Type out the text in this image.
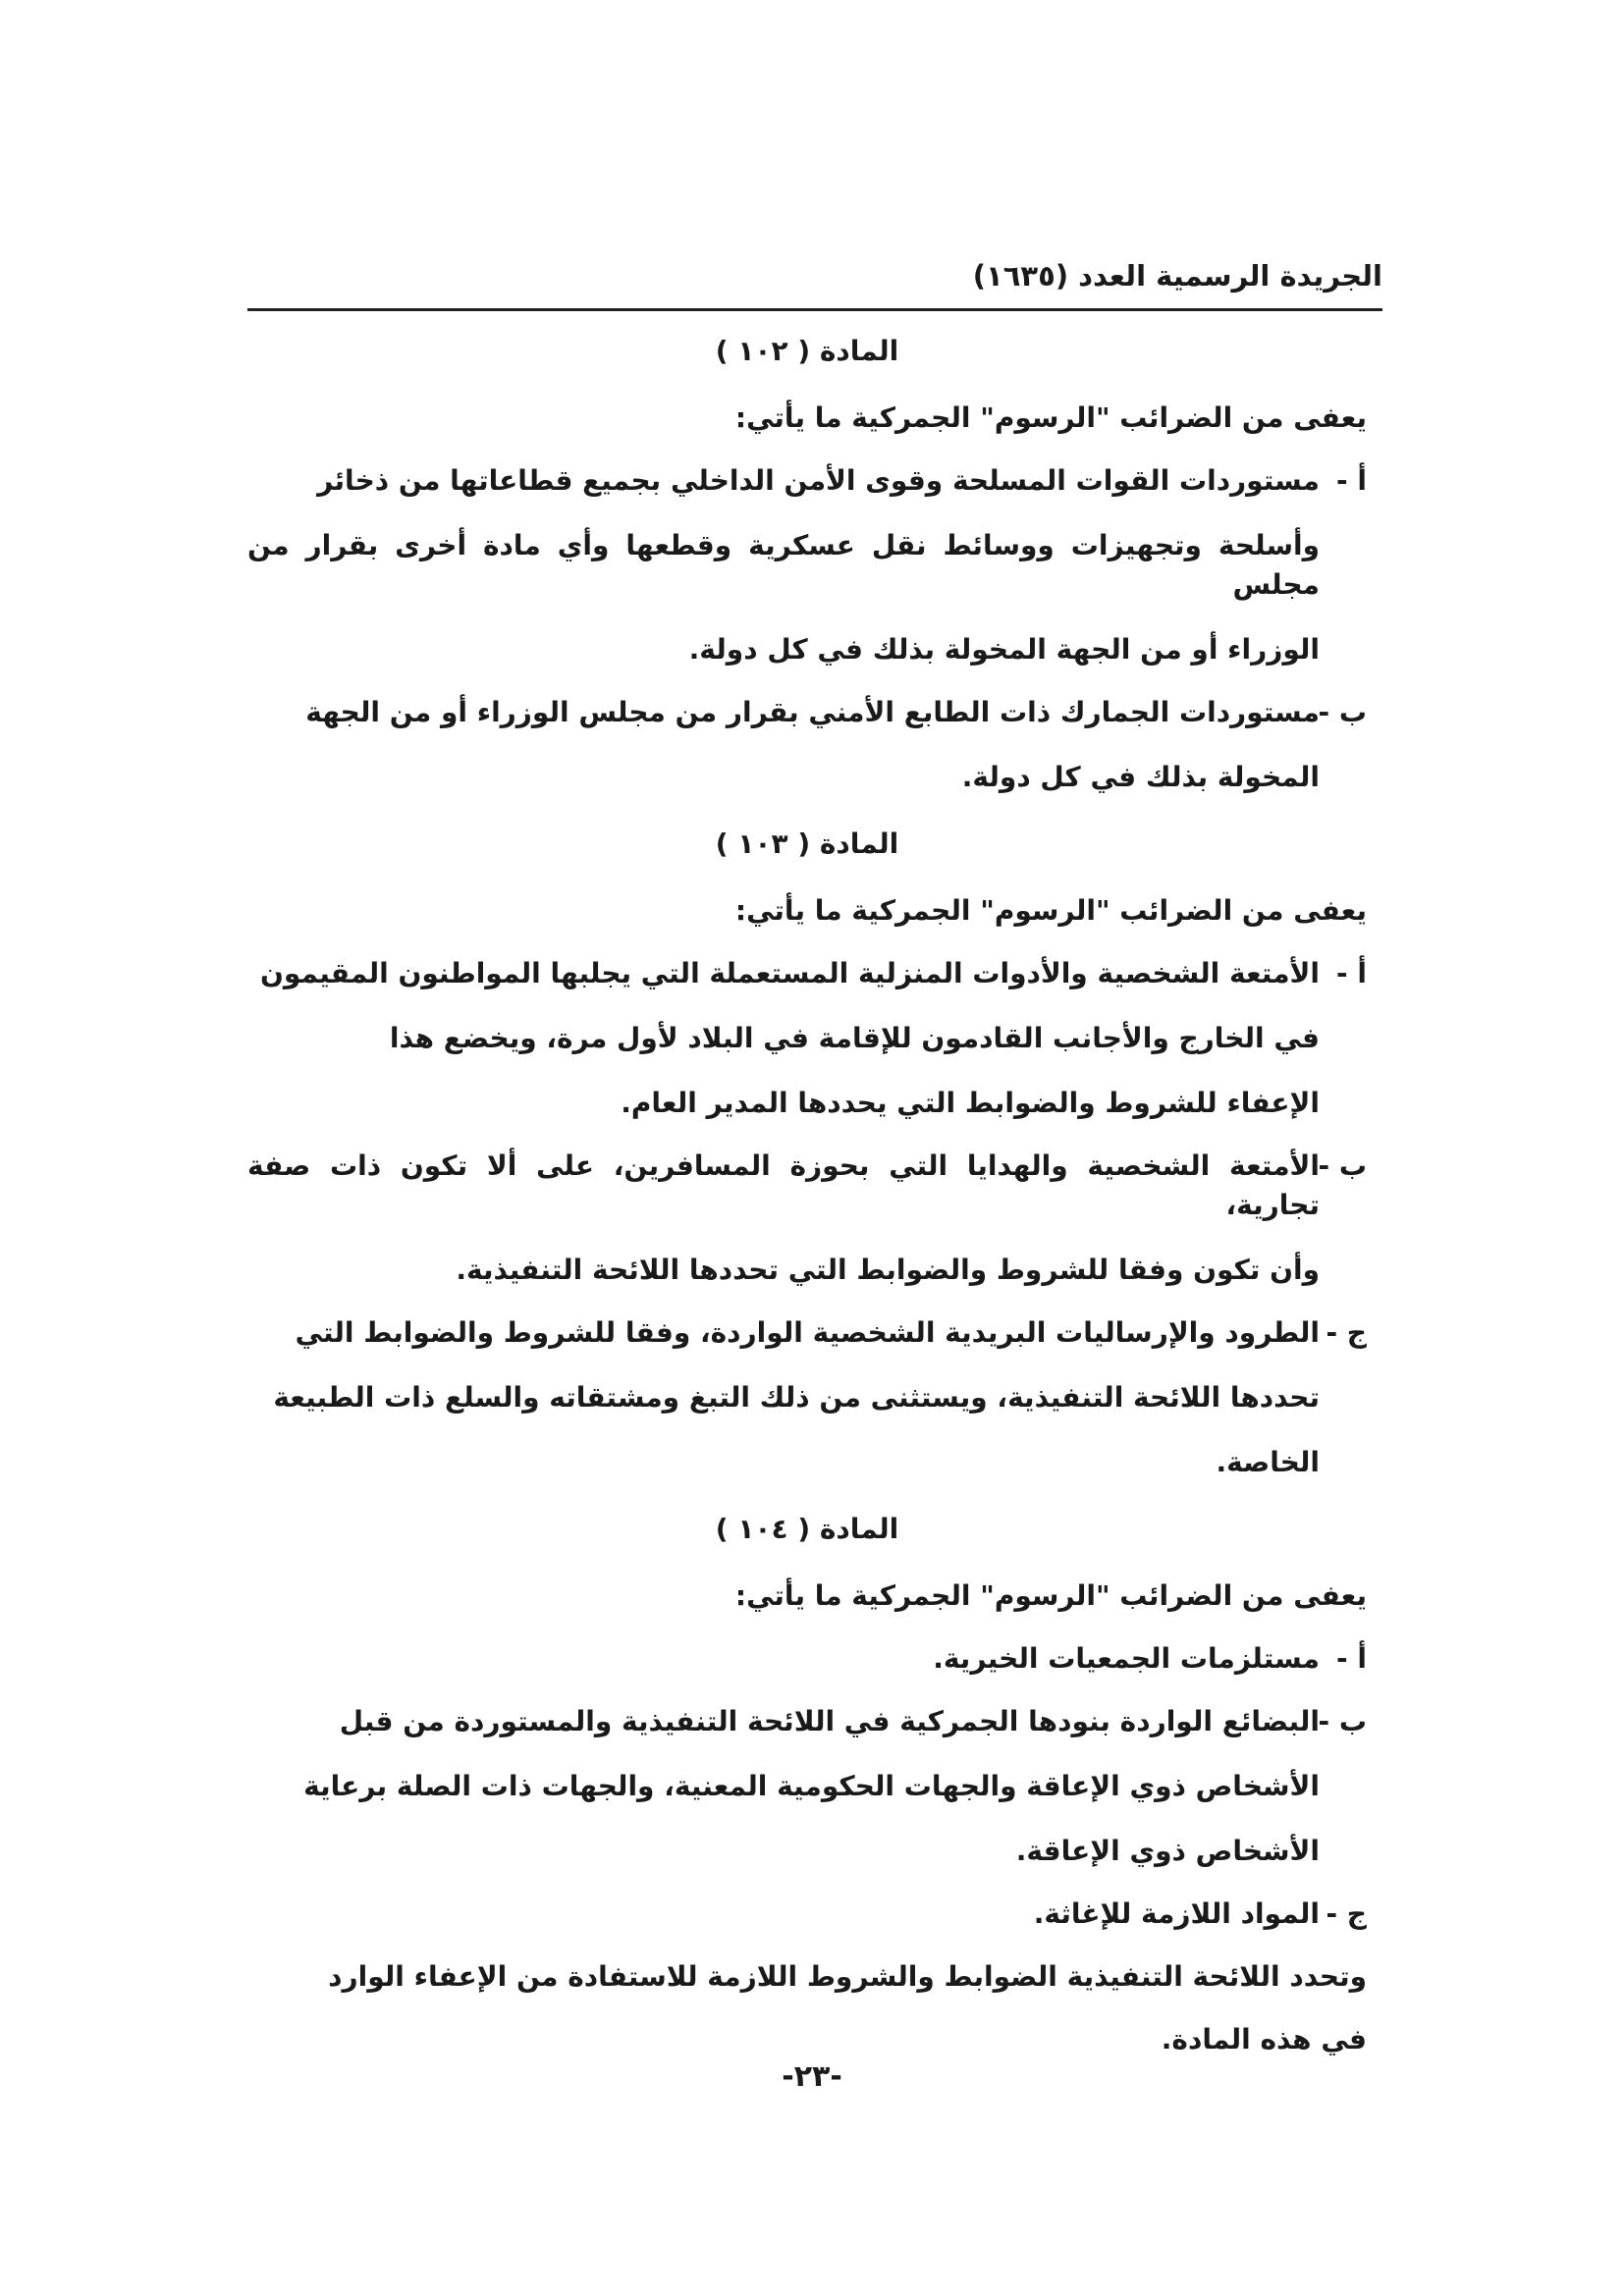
الجريدة الرسمية العدد (١٦٣٥)
المادة ( ١٠٢ )
يعفى من الضرائب "الرسوم" الجمركية ما يأتي:
أ -
مستوردات القوات المسلحة وقوى الأمن الداخلي بجميع قطاعاتها من ذخائر
وأسلحة وتجهيزات ووسائط نقل عسكرية وقطعها وأي مادة أخرى بقرار من مجلس
الوزراء أو من الجهة المخولة بذلك في كل دولة.
ب -
مستوردات الجمارك ذات الطابع الأمني بقرار من مجلس الوزراء أو من الجهة
المخولة بذلك في كل دولة.
المادة ( ١٠٣ )
يعفى من الضرائب "الرسوم" الجمركية ما يأتي:
أ -
الأمتعة الشخصية والأدوات المنزلية المستعملة التي يجلبها المواطنون المقيمون
في الخارج والأجانب القادمون للإقامة في البلاد لأول مرة، ويخضع هذا
الإعفاء للشروط والضوابط التي يحددها المدير العام.
ب -
الأمتعة الشخصية والهدايا التي بحوزة المسافرين، على ألا تكون ذات صفة تجارية،
وأن تكون وفقا للشروط والضوابط التي تحددها اللائحة التنفيذية.
ج -
الطرود والإرساليات البريدية الشخصية الواردة، وفقا للشروط والضوابط التي
تحددها اللائحة التنفيذية، ويستثنى من ذلك التبغ ومشتقاته والسلع ذات الطبيعة
الخاصة.
المادة ( ١٠٤ )
يعفى من الضرائب "الرسوم" الجمركية ما يأتي:
أ -
مستلزمات الجمعيات الخيرية.
ب -
البضائع الواردة بنودها الجمركية في اللائحة التنفيذية والمستوردة من قبل
الأشخاص ذوي الإعاقة والجهات الحكومية المعنية، والجهات ذات الصلة برعاية
الأشخاص ذوي الإعاقة.
ج -
المواد اللازمة للإغاثة.
وتحدد اللائحة التنفيذية الضوابط والشروط اللازمة للاستفادة من الإعفاء الوارد
في هذه المادة.
-٢٣-
